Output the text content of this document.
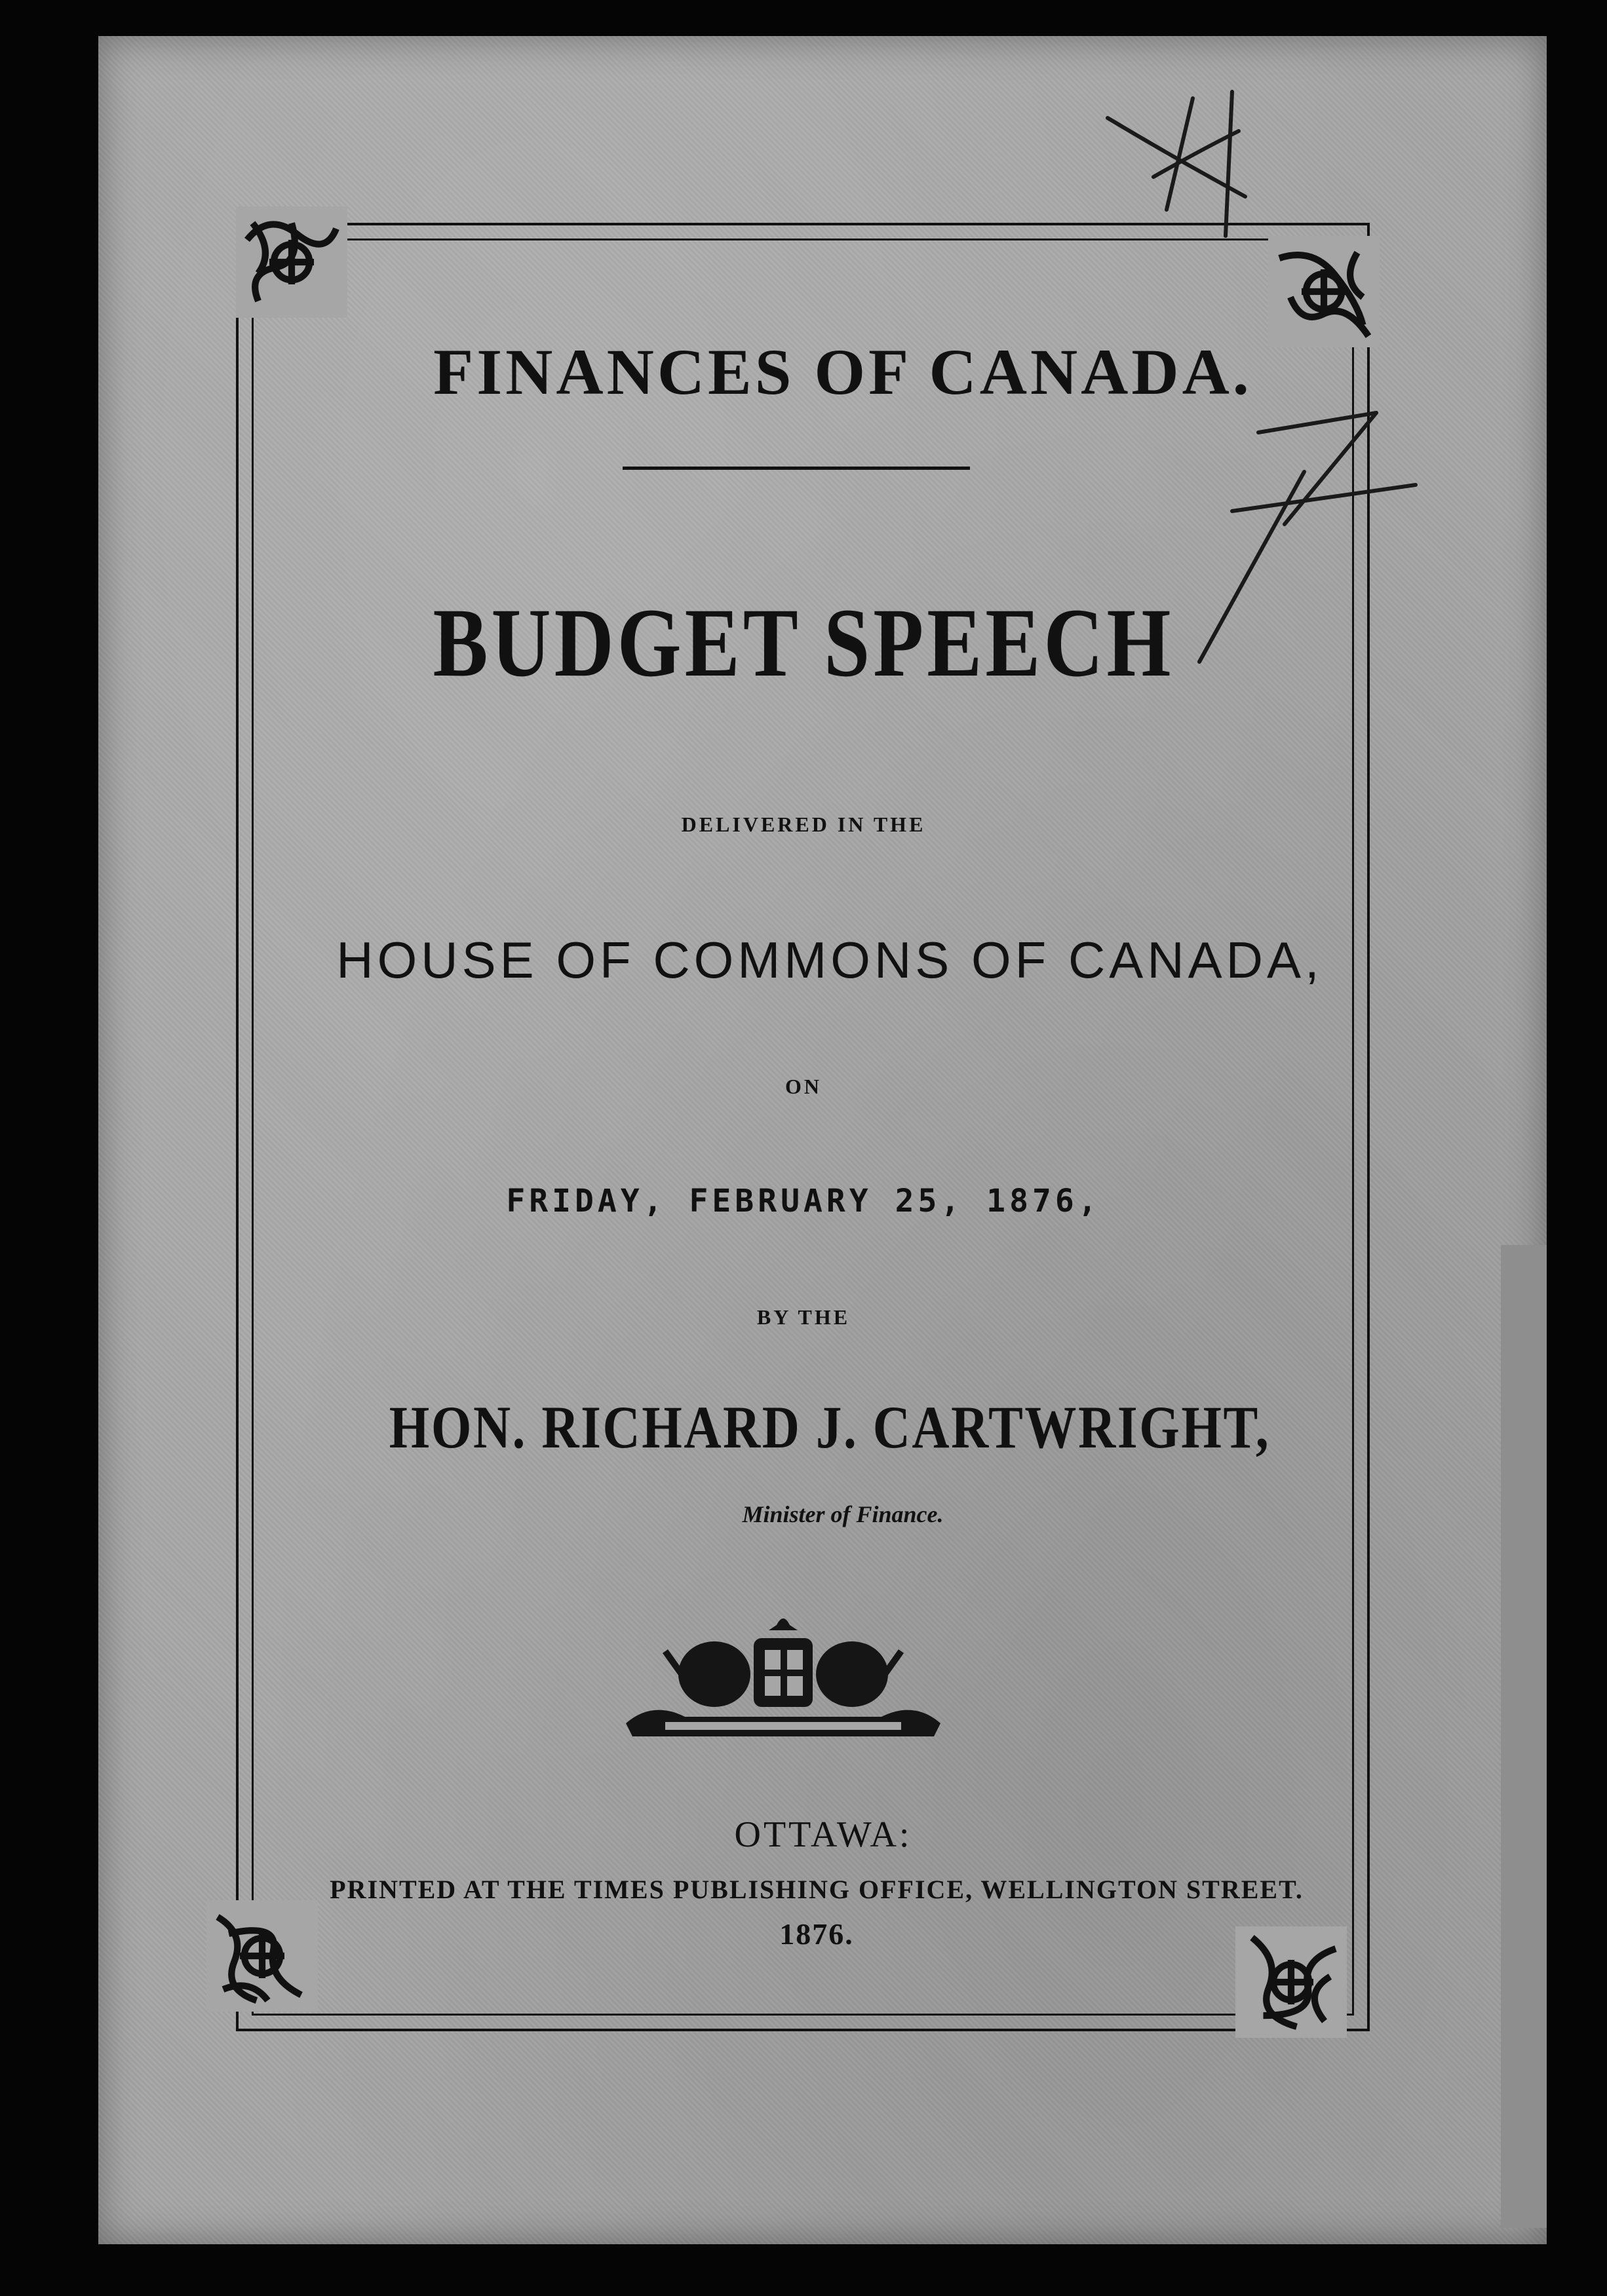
FINANCES OF CANADA.
BUDGET SPEECH
DELIVERED IN THE
HOUSE OF COMMONS OF CANADA,
ON
FRIDAY, FEBRUARY 25, 1876,
BY THE
HON. RICHARD J. CARTWRIGHT,
Minister of Finance.
OTTAWA:
PRINTED AT THE TIMES PUBLISHING OFFICE, WELLINGTON STREET.
1876.
